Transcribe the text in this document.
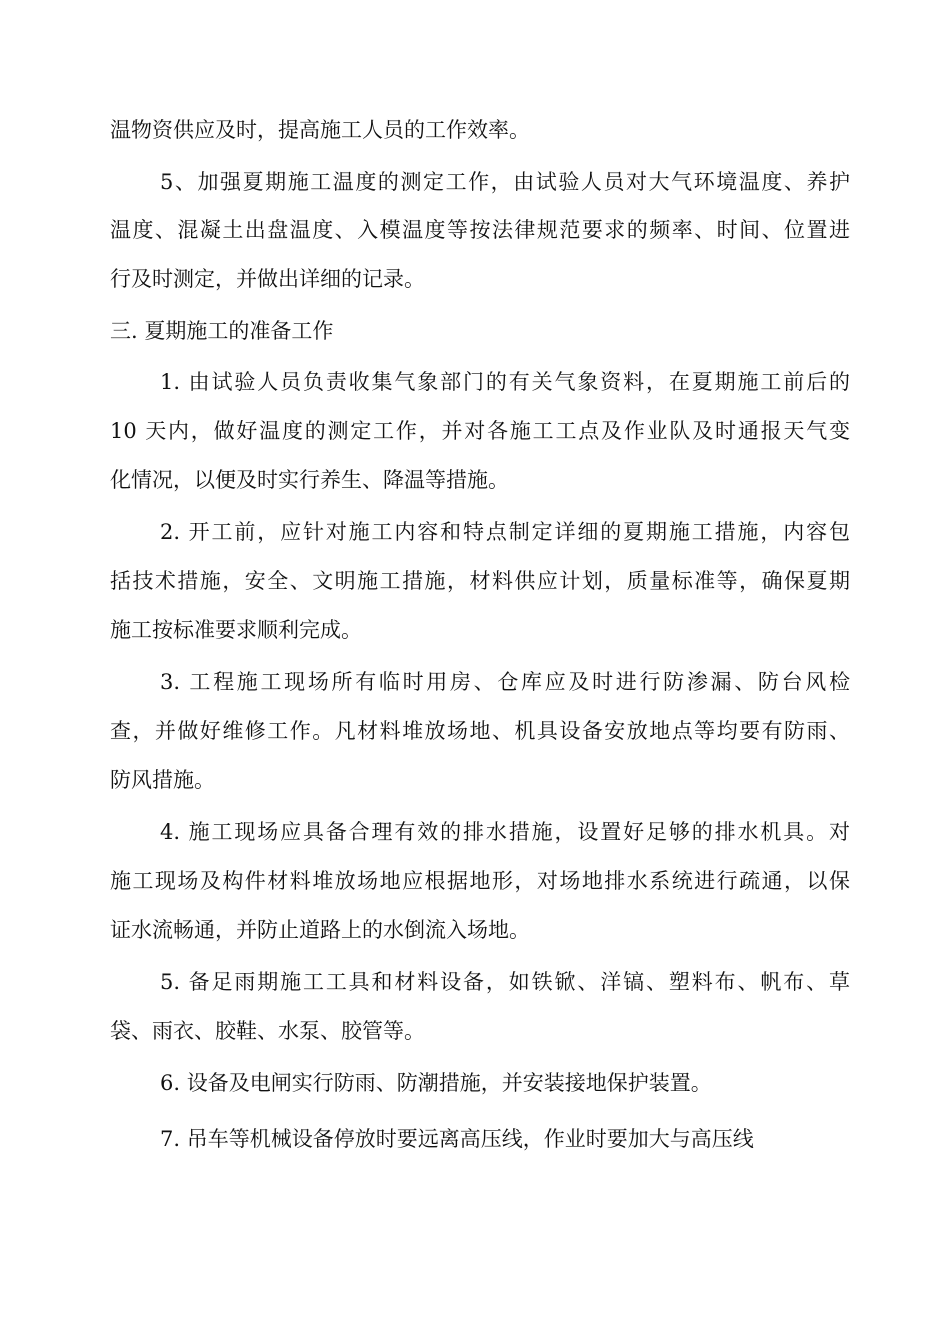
温物资供应及时，提高施工人员的工作效率。
5、加强夏期施工温度的测定工作，由试验人员对大气环境温度、养护
温度、混凝土出盘温度、入模温度等按法律规范要求的频率、时间、位置进
行及时测定，并做出详细的记录。
三. 夏期施工的准备工作
1. 由试验人员负责收集气象部门的有关气象资料，在夏期施工前后的
10 天内，做好温度的测定工作，并对各施工工点及作业队及时通报天气变
化情况，以便及时实行养生、降温等措施。
2. 开工前，应针对施工内容和特点制定详细的夏期施工措施，内容包
括技术措施，安全、文明施工措施，材料供应计划，质量标准等，确保夏期
施工按标准要求顺利完成。
3. 工程施工现场所有临时用房、仓库应及时进行防渗漏、防台风检
查，并做好维修工作。凡材料堆放场地、机具设备安放地点等均要有防雨、
防风措施。
4. 施工现场应具备合理有效的排水措施，设置好足够的排水机具。对
施工现场及构件材料堆放场地应根据地形，对场地排水系统进行疏通，以保
证水流畅通，并防止道路上的水倒流入场地。
5. 备足雨期施工工具和材料设备，如铁锨、洋镐、塑料布、帆布、草
袋、雨衣、胶鞋、水泵、胶管等。
6. 设备及电闸实行防雨、防潮措施，并安装接地保护装置。
7. 吊车等机械设备停放时要远离高压线，作业时要加大与高压线
